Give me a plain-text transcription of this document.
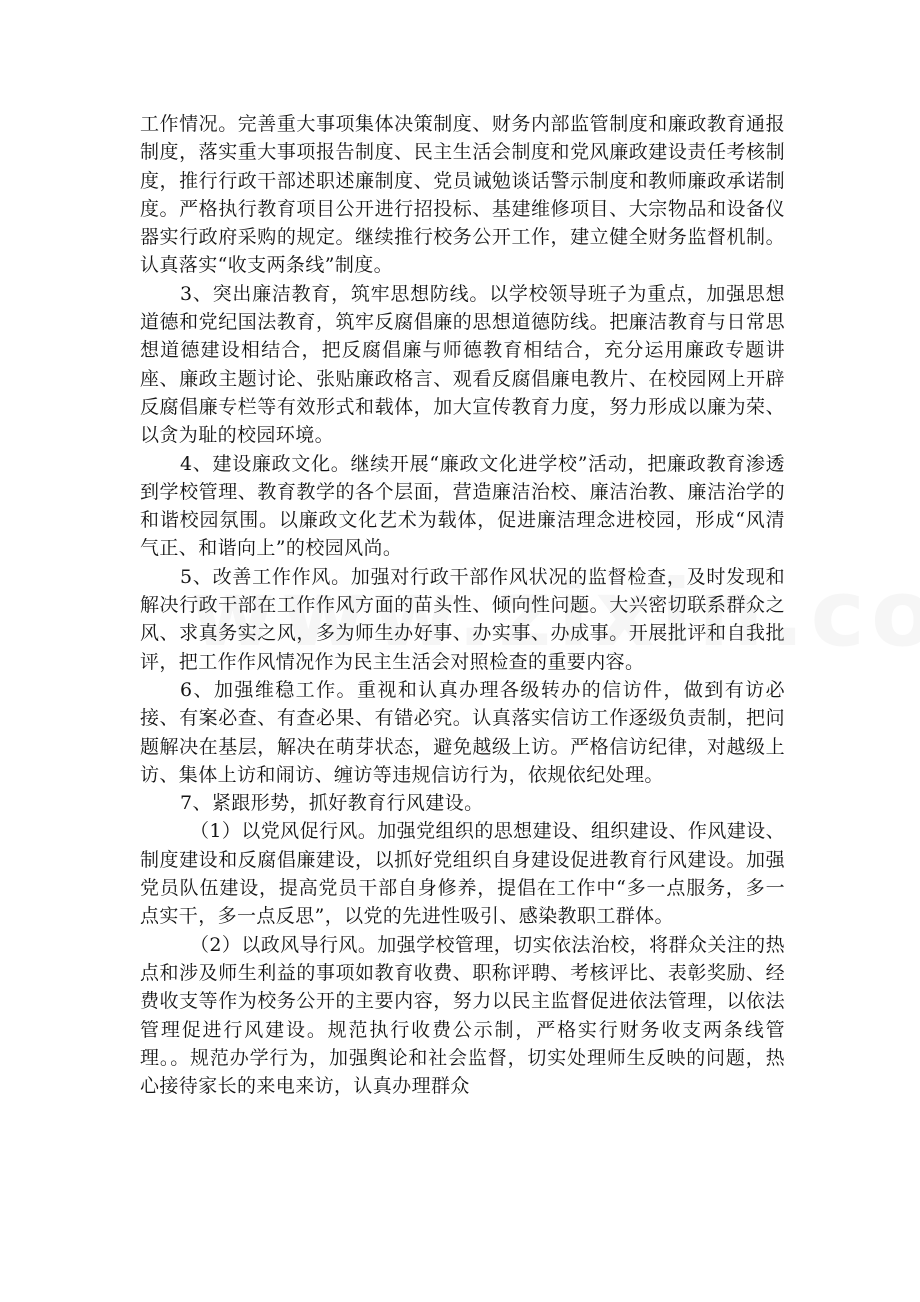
工作情况。完善重大事项集体决策制度、财务内部监管制度和廉政教育通报制度，落实重大事项报告制度、民主生活会制度和党风廉政建设责任考核制度，推行行政干部述职述廉制度、党员诫勉谈话警示制度和教师廉政承诺制度。严格执行教育项目公开进行招投标、基建维修项目、大宗物品和设备仪器实行政府采购的规定。继续推行校务公开工作，建立健全财务监督机制。认真落实“收支两条线”制度。

3、突出廉洁教育，筑牢思想防线。以学校领导班子为重点，加强思想道德和党纪国法教育，筑牢反腐倡廉的思想道德防线。把廉洁教育与日常思想道德建设相结合，把反腐倡廉与师德教育相结合，充分运用廉政专题讲座、廉政主题讨论、张贴廉政格言、观看反腐倡廉电教片、在校园网上开辟反腐倡廉专栏等有效形式和载体，加大宣传教育力度，努力形成以廉为荣、以贪为耻的校园环境。

4、建设廉政文化。继续开展“廉政文化进学校”活动，把廉政教育渗透到学校管理、教育教学的各个层面，营造廉洁治校、廉洁治教、廉洁治学的和谐校园氛围。以廉政文化艺术为载体，促进廉洁理念进校园，形成“风清气正、和谐向上”的校园风尚。

5、改善工作作风。加强对行政干部作风状况的监督检查，及时发现和解决行政干部在工作作风方面的苗头性、倾向性问题。大兴密切联系群众之风、求真务实之风，多为师生办好事、办实事、办成事。开展批评和自我批评，把工作作风情况作为民主生活会对照检查的重要内容。

6、加强维稳工作。重视和认真办理各级转办的信访件，做到有访必接、有案必查、有查必果、有错必究。认真落实信访工作逐级负责制，把问题解决在基层，解决在萌芽状态，避免越级上访。严格信访纪律，对越级上访、集体上访和闹访、缠访等违规信访行为，依规依纪处理。

7、紧跟形势，抓好教育行风建设。

（1）以党风促行风。加强党组织的思想建设、组织建设、作风建设、制度建设和反腐倡廉建设，以抓好党组织自身建设促进教育行风建设。加强党员队伍建设，提高党员干部自身修养，提倡在工作中“多一点服务，多一点实干，多一点反思”，以党的先进性吸引、感染教职工群体。

（2）以政风导行风。加强学校管理，切实依法治校，将群众关注的热点和涉及师生利益的事项如教育收费、职称评聘、考核评比、表彰奖励、经费收支等作为校务公开的主要内容，努力以民主监督促进依法管理，以依法管理促进行风建设。规范执行收费公示制，严格实行财务收支两条线管理。。规范办学行为，加强舆论和社会监督，切实处理师生反映的问题，热心接待家长的来电来访，认真办理群众
